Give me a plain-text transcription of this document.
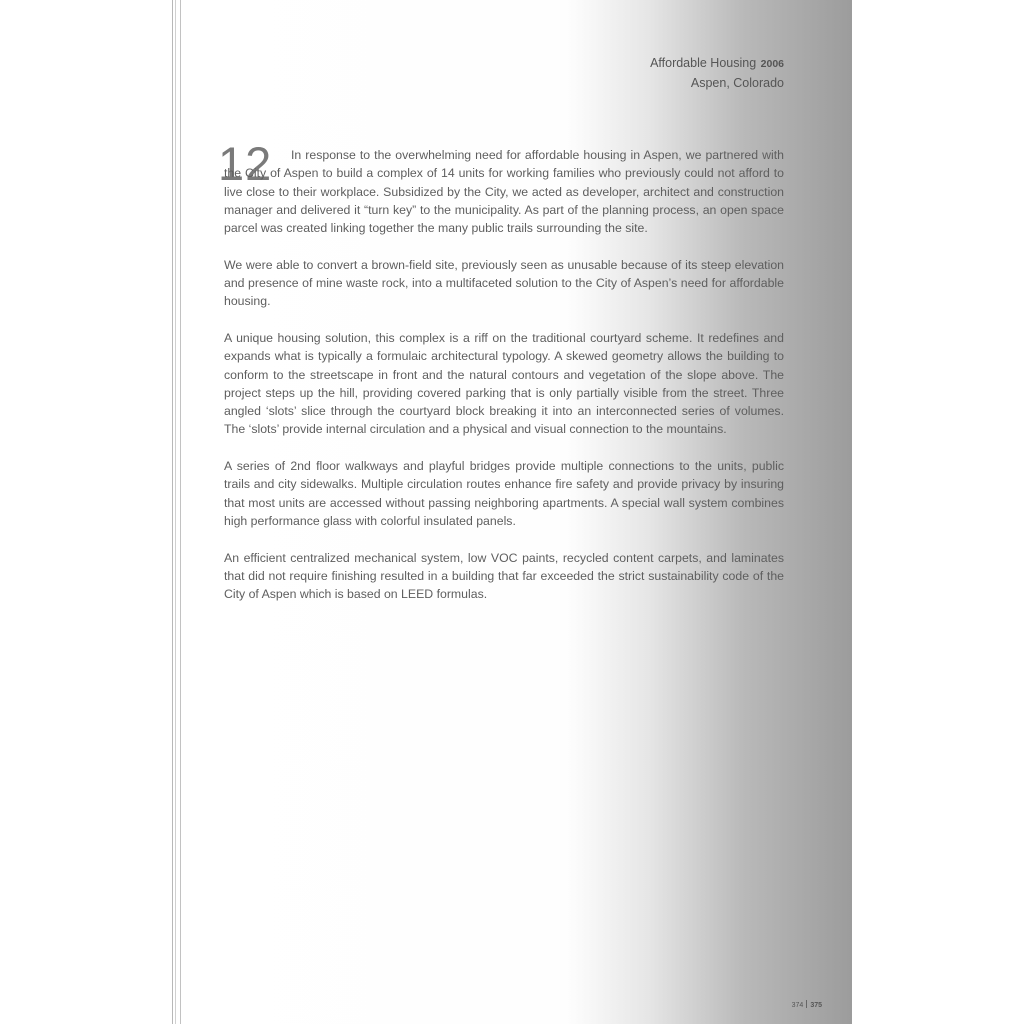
Affordable Housing 2006
Aspen, Colorado
12	In response to the overwhelming need for affordable housing in Aspen, we partnered with the City of Aspen to build a complex of 14 units for working families who previously could not afford to live close to their workplace. Subsidized by the City, we acted as developer, architect and construction manager and delivered it “turn key” to the municipality. As part of the planning process, an open space parcel was created linking together the many public trails surrounding the site.

We were able to convert a brown-field site, previously seen as unusable because of its steep elevation and presence of mine waste rock, into a multifaceted solution to the City of Aspen’s need for affordable housing.

A unique housing solution, this complex is a riff on the traditional courtyard scheme. It redefines and expands what is typically a formulaic architectural typology. A skewed geometry allows the building to conform to the streetscape in front and the natural contours and vegetation of the slope above. The project steps up the hill, providing covered parking that is only partially visible from the street. Three angled ‘slots’ slice through the courtyard block breaking it into an interconnected series of volumes. The ‘slots’ provide internal circulation and a physical and visual connection to the mountains.

A series of 2nd floor walkways and playful bridges provide multiple connections to the units, public trails and city sidewalks. Multiple circulation routes enhance fire safety and provide privacy by insuring that most units are accessed without passing neighboring apartments. A special wall system combines high performance glass with colorful insulated panels.

An efficient centralized mechanical system, low VOC paints, recycled content carpets, and laminates that did not require finishing resulted in a building that far exceeded the strict sustainability code of the City of Aspen which is based on LEED formulas.

374 375
